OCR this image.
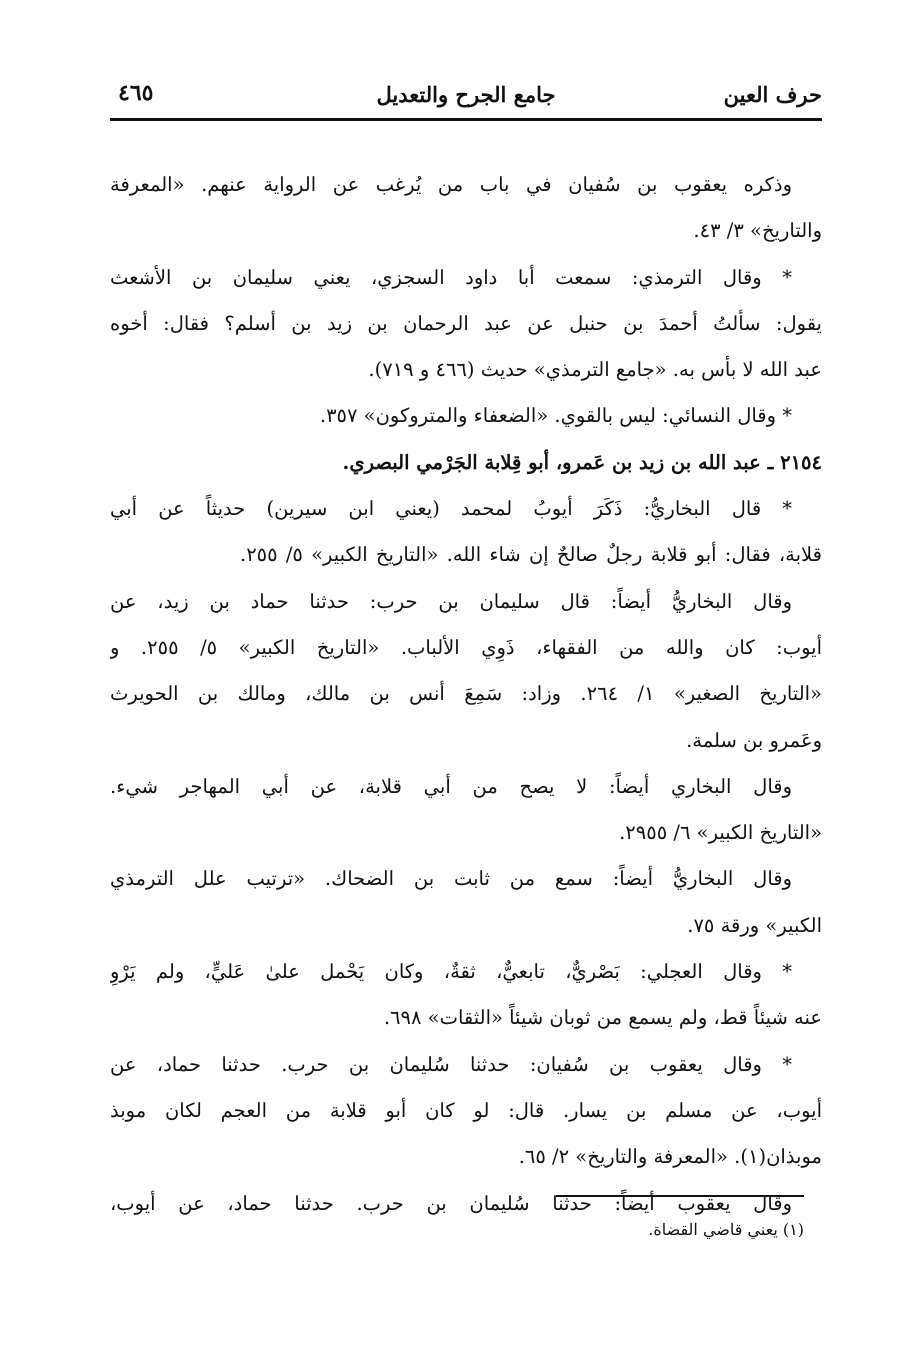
حرف العين
جامع الجرح والتعديل
٤٦٥
وذكره يعقوب بن سُفيان في باب من يُرغب عن الرواية عنهم. «المعرفة
والتاريخ» ٣/ ٤٣.
* وقال الترمذي: سمعت أبا داود السجزي، يعني سليمان بن الأشعث
يقول: سألتُ أحمدَ بن حنبل عن عبد الرحمان بن زيد بن أسلم؟ فقال: أخوه
عبد الله لا بأس به. «جامع الترمذي» حديث (٤٦٦ و ٧١٩).
* وقال النسائي: ليس بالقوي. «الضعفاء والمتروكون» ٣٥٧.
٢١٥٤ ـ عبد الله بن زيد بن عَمرو، أبو قِلابة الجَرْمي البصري.
* قال البخاريُّ: ذَكَرَ أيوبُ لمحمد (يعني ابن سيرين) حديثاً عن أبي
قلابة، فقال: أبو قلابة رجلٌ صالحٌ إن شاء الله. «التاريخ الكبير» ٥/ ٢٥٥.
وقال البخاريُّ أيضاً: قال سليمان بن حرب: حدثنا حماد بن زيد، عن
أيوب: كان والله من الفقهاء، ذَوِي الألباب. «التاريخ الكبير» ٥/ ٢٥٥. و
«التاريخ الصغير» ١/ ٢٦٤. وزاد: سَمِعَ أنس بن مالك، ومالك بن الحويرث
وعَمرو بن سلمة.
وقال البخاري أيضاً: لا يصح من أبي قلابة، عن أبي المهاجر شيء.
«التاريخ الكبير» ٦/ ٢٩٥٥.
وقال البخاريُّ أيضاً: سمع من ثابت بن الضحاك. «ترتيب علل الترمذي
الكبير» ورقة ٧٥.
* وقال العجلي: بَصْريٌّ، تابعيٌّ، ثقةٌ، وكان يَحْمل علىٰ عَليٍّ، ولم يَرْوِ
عنه شيئاً قط، ولم يسمع من ثوبان شيئاً «الثقات» ٦٩٨.
* وقال يعقوب بن سُفيان: حدثنا سُليمان بن حرب. حدثنا حماد، عن
أيوب، عن مسلم بن يسار. قال: لو كان أبو قلابة من العجم لكان موبذ
موبذان(١). «المعرفة والتاريخ» ٢/ ٦٥.
وقال يعقوب أيضاً: حدثنا سُليمان بن حرب. حدثنا حماد، عن أيوب،
(١) يعني قاضي القضاة.
